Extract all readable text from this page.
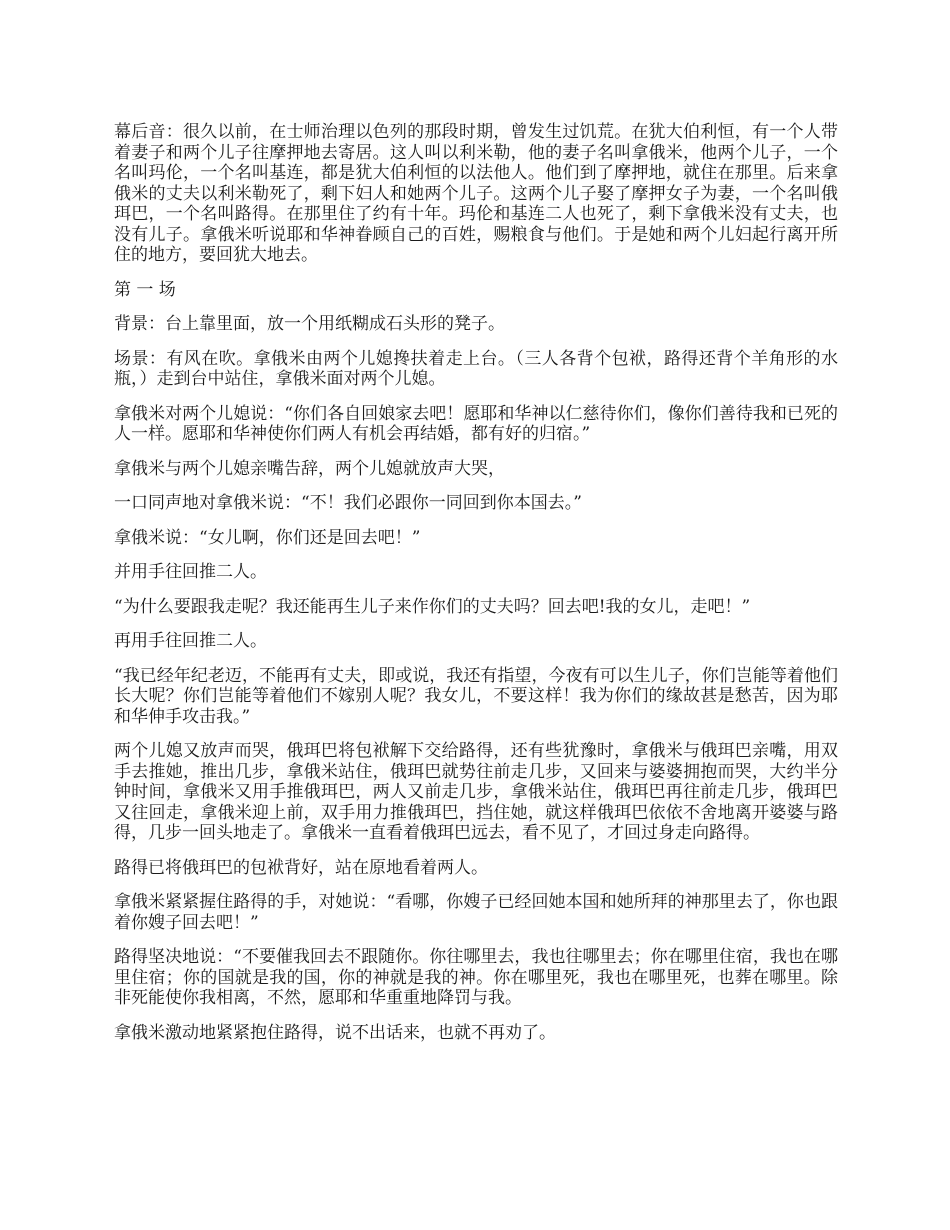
幕后音：很久以前，在士师治理以色列的那段时期，曾发生过饥荒。在犹大伯利恒，有一个人带着妻子和两个儿子往摩押地去寄居。这人叫以利米勒，他的妻子名叫拿俄米，他两个儿子，一个名叫玛伦，一个名叫基连，都是犹大伯利恒的以法他人。他们到了摩押地，就住在那里。后来拿俄米的丈夫以利米勒死了，剩下妇人和她两个儿子。这两个儿子娶了摩押女子为妻，一个名叫俄珥巴，一个名叫路得。在那里住了约有十年。玛伦和基连二人也死了，剩下拿俄米没有丈夫，也没有儿子。拿俄米听说耶和华神眷顾自己的百姓，赐粮食与他们。于是她和两个儿妇起行离开所住的地方，要回犹大地去。

第 一 场

背景：台上靠里面，放一个用纸糊成石头形的凳子。

场景：有风在吹。拿俄米由两个儿媳搀扶着走上台。（三人各背个包袱，路得还背个羊角形的水瓶，）走到台中站住，拿俄米面对两个儿媳。

拿俄米对两个儿媳说：“你们各自回娘家去吧！愿耶和华神以仁慈待你们，像你们善待我和已死的人一样。愿耶和华神使你们两人有机会再结婚，都有好的归宿。”

拿俄米与两个儿媳亲嘴告辞，两个儿媳就放声大哭，

一口同声地对拿俄米说：“不！我们必跟你一同回到你本国去。”

拿俄米说：“女儿啊，你们还是回去吧！”

并用手往回推二人。

“为什么要跟我走呢？我还能再生儿子来作你们的丈夫吗？回去吧!我的女儿，走吧！”

再用手往回推二人。

“我已经年纪老迈，不能再有丈夫，即或说，我还有指望，今夜有可以生儿子，你们岂能等着他们长大呢？你们岂能等着他们不嫁别人呢？我女儿，不要这样！我为你们的缘故甚是愁苦，因为耶和华伸手攻击我。”

两个儿媳又放声而哭，俄珥巴将包袱解下交给路得，还有些犹豫时，拿俄米与俄珥巴亲嘴，用双手去推她，推出几步，拿俄米站住，俄珥巴就势往前走几步，又回来与婆婆拥抱而哭，大约半分钟时间，拿俄米又用手推俄珥巴，两人又前走几步，拿俄米站住，俄珥巴再往前走几步，俄珥巴又往回走，拿俄米迎上前，双手用力推俄珥巴，挡住她，就这样俄珥巴依依不舍地离开婆婆与路得，几步一回头地走了。拿俄米一直看着俄珥巴远去，看不见了，才回过身走向路得。

路得已将俄珥巴的包袱背好，站在原地看着两人。

拿俄米紧紧握住路得的手，对她说：“看哪，你嫂子已经回她本国和她所拜的神那里去了，你也跟着你嫂子回去吧！”

路得坚决地说：“不要催我回去不跟随你。你往哪里去，我也往哪里去；你在哪里住宿，我也在哪里住宿；你的国就是我的国，你的神就是我的神。你在哪里死，我也在哪里死，也葬在哪里。除非死能使你我相离，不然，愿耶和华重重地降罚与我。

拿俄米激动地紧紧抱住路得，说不出话来，也就不再劝了。
